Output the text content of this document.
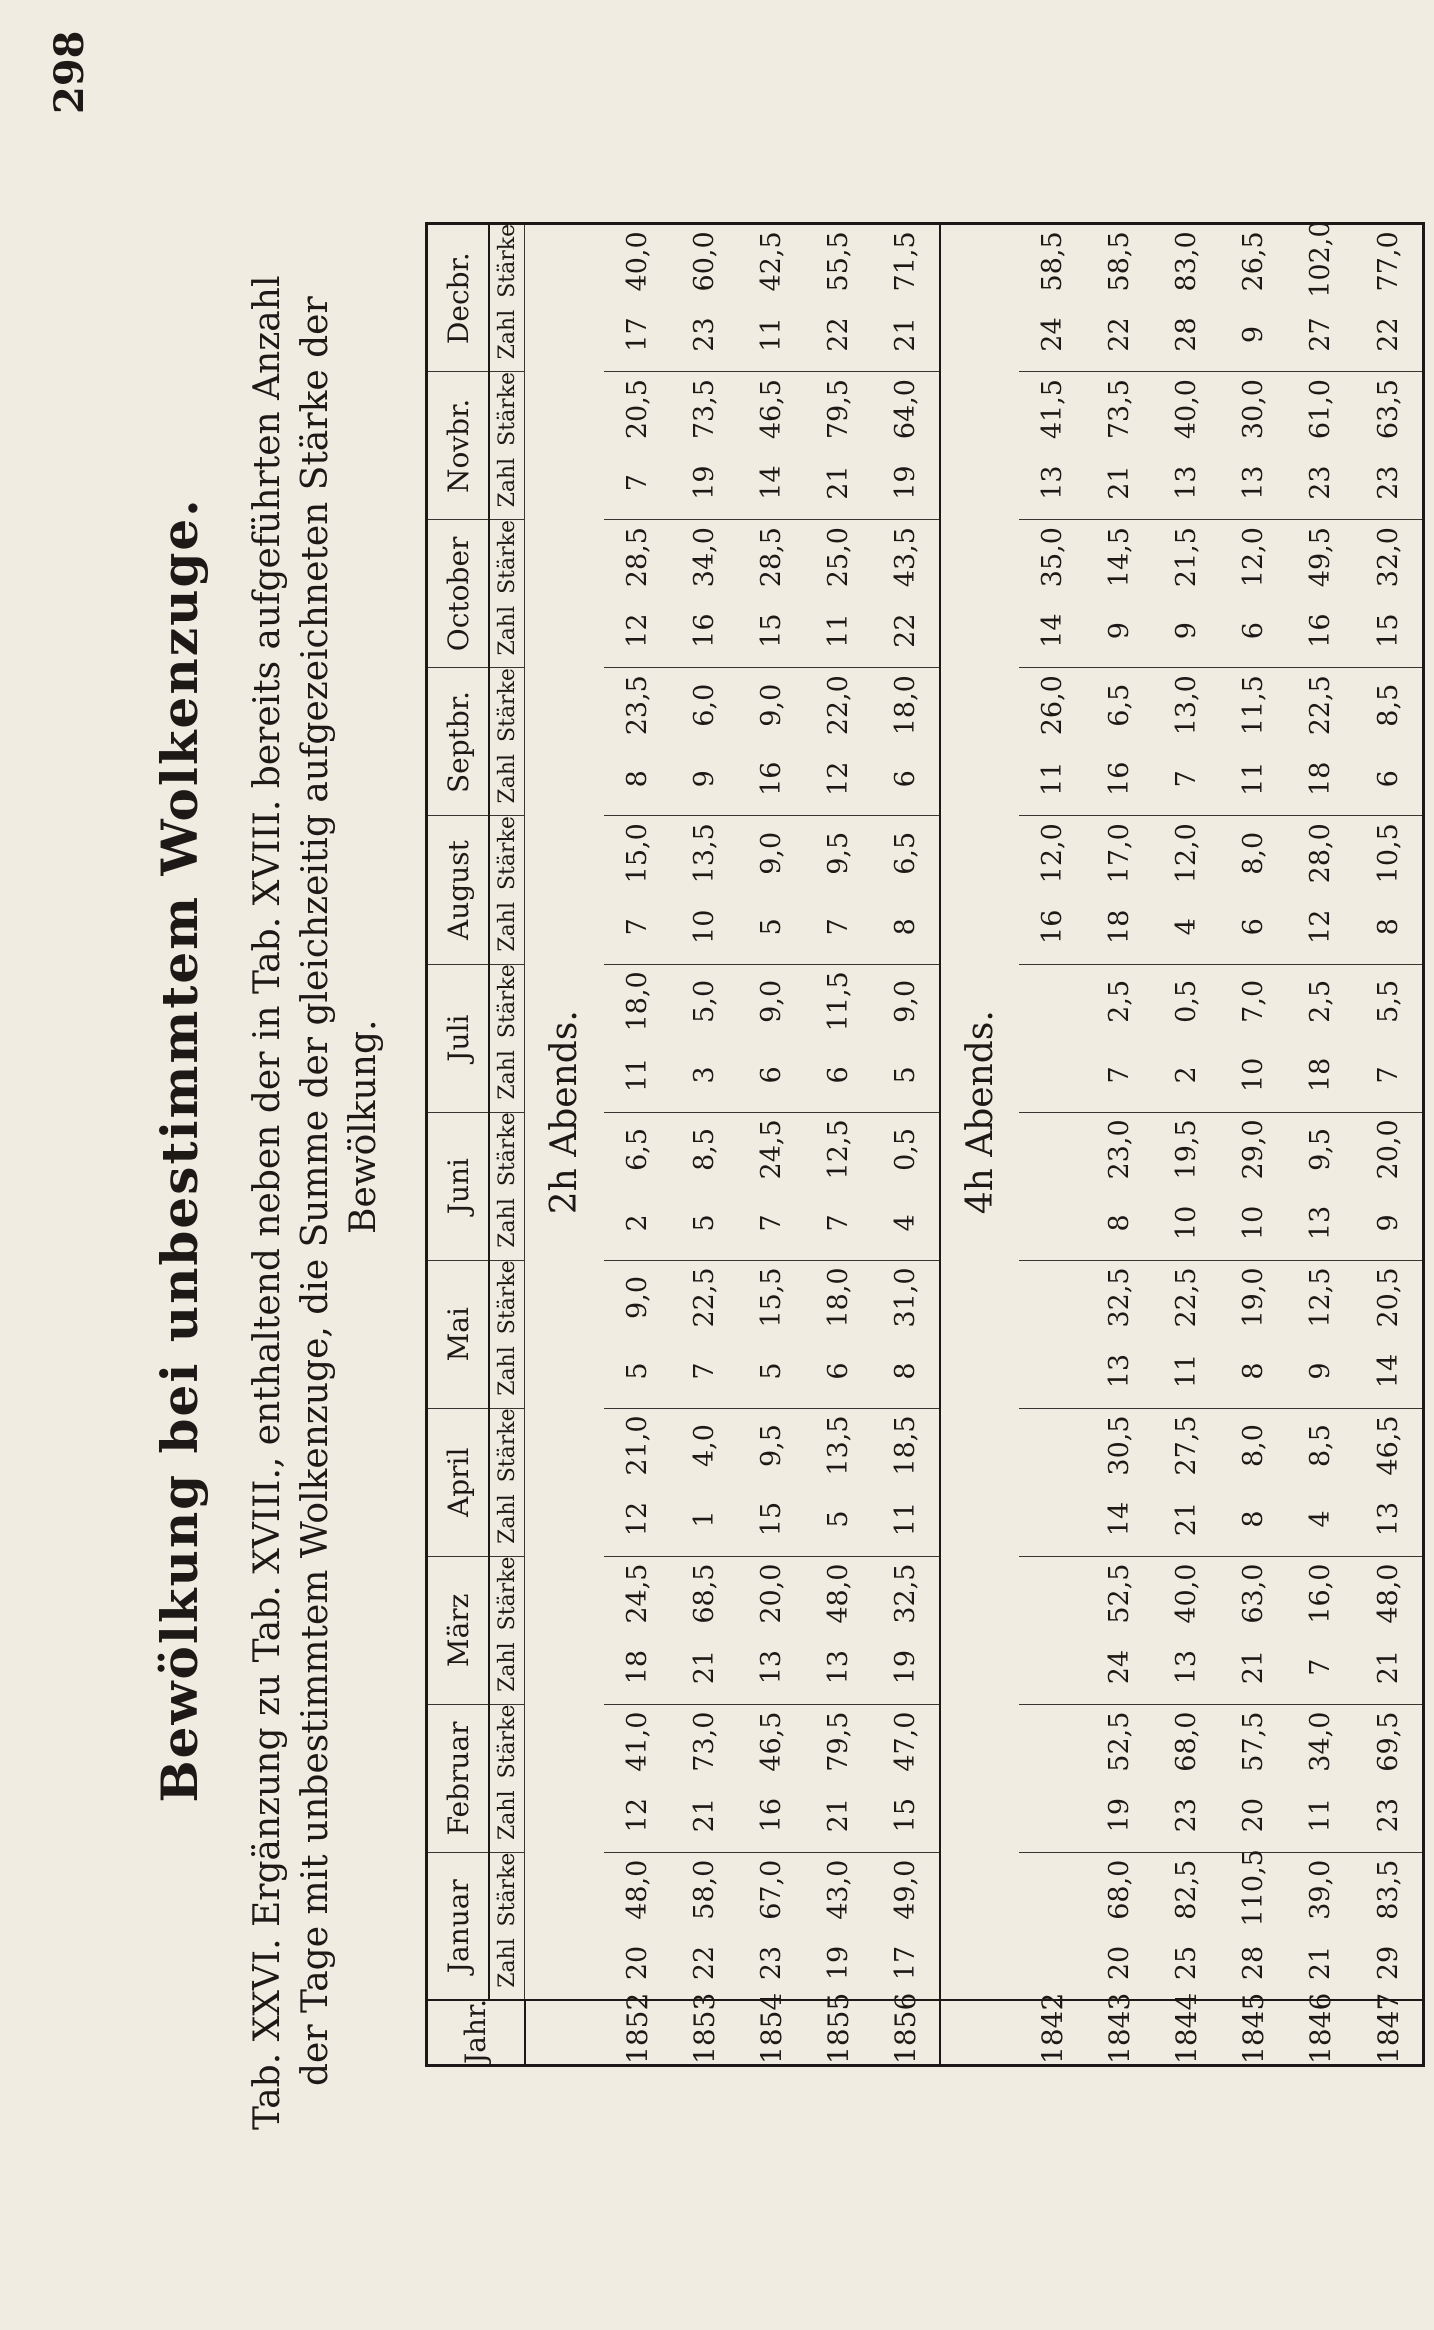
298
Bewölkung bei unbestimmtem Wolkenzuge. Tab. XXVI. Ergänzung zu Tab. XVIII., enthaltend neben der in Tab. XVIII. bereits aufgeführten Anzahl der Tage mit unbestimmtem Wolkenzuge, die Summe der gleichzeitig aufgezeichneten Stärke der Bewölkung.
Jahr.	Januar		Februar		März		April		Mai		Juni		Juli		August		Septbr.		October		Novbr.		Decbr.	
	Zahl	Stärke	Zahl	Stärke	Zahl	Stärke	Zahl	Stärke	Zahl	Stärke	Zahl	Stärke	Zahl	Stärke	Zahl	Stärke	Zahl	Stärke	Zahl	Stärke	Zahl	Stärke	Zahl	Stärke
	2h Abends.																							
1852	20	48,0	12	41,0	18	24,5	12	21,0	5	9,0	2	6,5	11	18,0	7	15,0	8	23,5	12	28,5	7	20,5	17	40,0
1853	22	58,0	21	73,0	21	68,5	1	4,0	7	22,5	5	8,5	3	5,0	10	13,5	9	6,0	16	34,0	19	73,5	23	60,0
1854	23	67,0	16	46,5	13	20,0	15	9,5	5	15,5	7	24,5	6	9,0	5	9,0	16	9,0	15	28,5	14	46,5	11	42,5
1855	19	43,0	21	79,5	13	48,0	5	13,5	6	18,0	7	12,5	6	11,5	7	9,5	12	22,0	11	25,0	21	79,5	22	55,5
1856	17	49,0	15	47,0	19	32,5	11	18,5	8	31,0	4	0,5	5	9,0	8	6,5	6	18,0	22	43,5	19	64,0	21	71,5
	4h Abends.																							
1842															16	12,0	11	26,0	14	35,0	13	41,5	24	58,5
1843	20	68,0	19	52,5	24	52,5	14	30,5	13	32,5	8	23,0	7	2,5	18	17,0	16	6,5	9	14,5	21	73,5	22	58,5
1844	25	82,5	23	68,0	13	40,0	21	27,5	11	22,5	10	19,5	2	0,5	4	12,0	7	13,0	9	21,5	13	40,0	28	83,0
1845	28	110,5	20	57,5	21	63,0	8	8,0	8	19,0	10	29,0	10	7,0	6	8,0	11	11,5	6	12,0	13	30,0	9	26,5
1846	21	39,0	11	34,0	7	16,0	4	8,5	9	12,5	13	9,5	18	2,5	12	28,0	18	22,5	16	49,5	23	61,0	27	102,0
1847	29	83,5	23	69,5	21	48,0	13	46,5	14	20,5	9	20,0	7	5,5	8	10,5	6	8,5	15	32,0	23	63,5	22	77,0
